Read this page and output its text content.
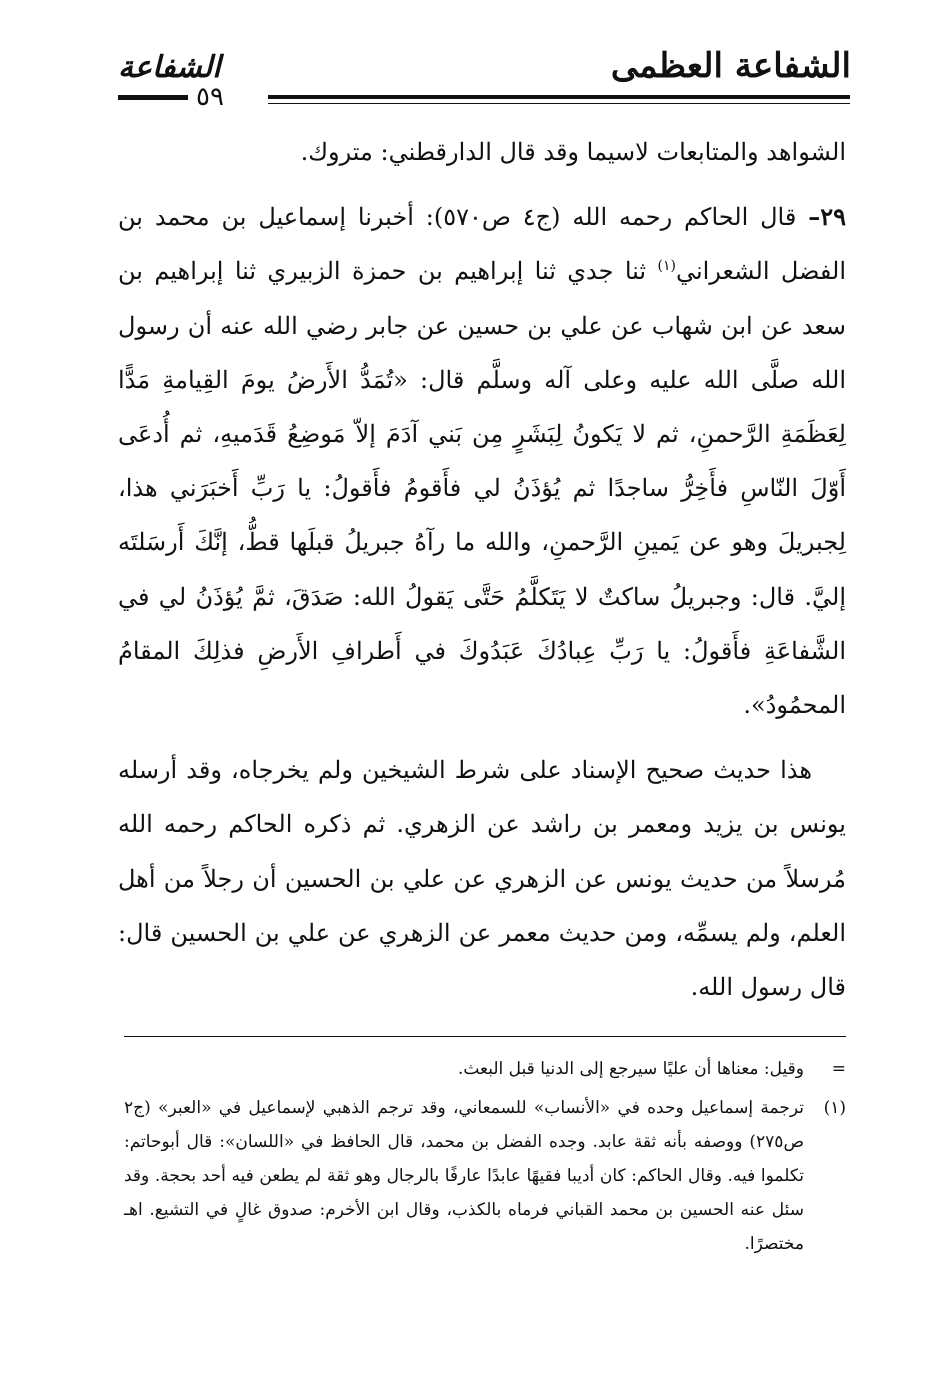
الشفاعة العظمى
الشفاعة
٥٩

الشواهد والمتابعات لاسيما وقد قال الدارقطني: متروك.

٢٩– قال الحاكم رحمه الله (ج٤ ص٥٧٠): أخبرنا إسماعيل بن محمد بن الفضل الشعراني$^{(١)}$ ثنا جدي ثنا إبراهيم بن حمزة الزبيري ثنا إبراهيم بن سعد عن ابن شهاب عن علي بن حسين عن جابر رضي الله عنه أن رسول الله صلَّى الله عليه وعلى آله وسلَّم قال: «تُمَدُّ الأَرضُ يومَ القِيامةِ مَدًّا لِعَظَمَةِ الرَّحمنِ، ثم لا يَكونُ لِبَشَرٍ مِن بَني آدَمَ إلاّ مَوضِعُ قَدَميهِ، ثم أُدعَى أَوّلَ النّاسِ فأَخِرُّ ساجدًا ثم يُؤذَنُ لي فأَقومُ فأَقولُ: يا رَبِّ أَخبَرَني هذا، لِجبريلَ وهو عن يَمينِ الرَّحمنِ، والله ما رآهُ جبريلُ قبلَها قطُّ، إنَّكَ أَرسَلتَه إليَّ. قال: وجبريلُ ساكتٌ لا يَتَكلَّمُ حَتَّى يَقولُ الله: صَدَقَ، ثمَّ يُؤذَنُ لي في الشَّفاعَةِ فأَقولُ: يا رَبِّ عِبادُكَ عَبَدُوكَ في أَطرافِ الأَرضِ فذلِكَ المقامُ المحمُودُ».

هذا حديث صحيح الإسناد على شرط الشيخين ولم يخرجاه، وقد أرسله يونس بن يزيد ومعمر بن راشد عن الزهري. ثم ذكره الحاكم رحمه الله مُرسلاً من حديث يونس عن الزهري عن علي بن الحسين أن رجلاً من أهل العلم، ولم يسمِّه، ومن حديث معمر عن الزهري عن علي بن الحسين قال: قال رسول الله.

=
وقيل: معناها أن عليًا سيرجع إلى الدنيا قبل البعث.
(١)
ترجمة إسماعيل وحده في «الأنساب» للسمعاني، وقد ترجم الذهبي لإسماعيل في «العبر» (ج٢ ص٢٧٥) ووصفه بأنه ثقة عابد. وجده الفضل بن محمد، قال الحافظ في «اللسان»: قال أبوحاتم: تكلموا فيه. وقال الحاكم: كان أديبا فقيهًا عابدًا عارفًا بالرجال وهو ثقة لم يطعن فيه أحد بحجة. وقد سئل عنه الحسين بن محمد القباني فرماه بالكذب، وقال ابن الأخرم: صدوق غالٍ في التشيع. اهـ مختصرًا.
